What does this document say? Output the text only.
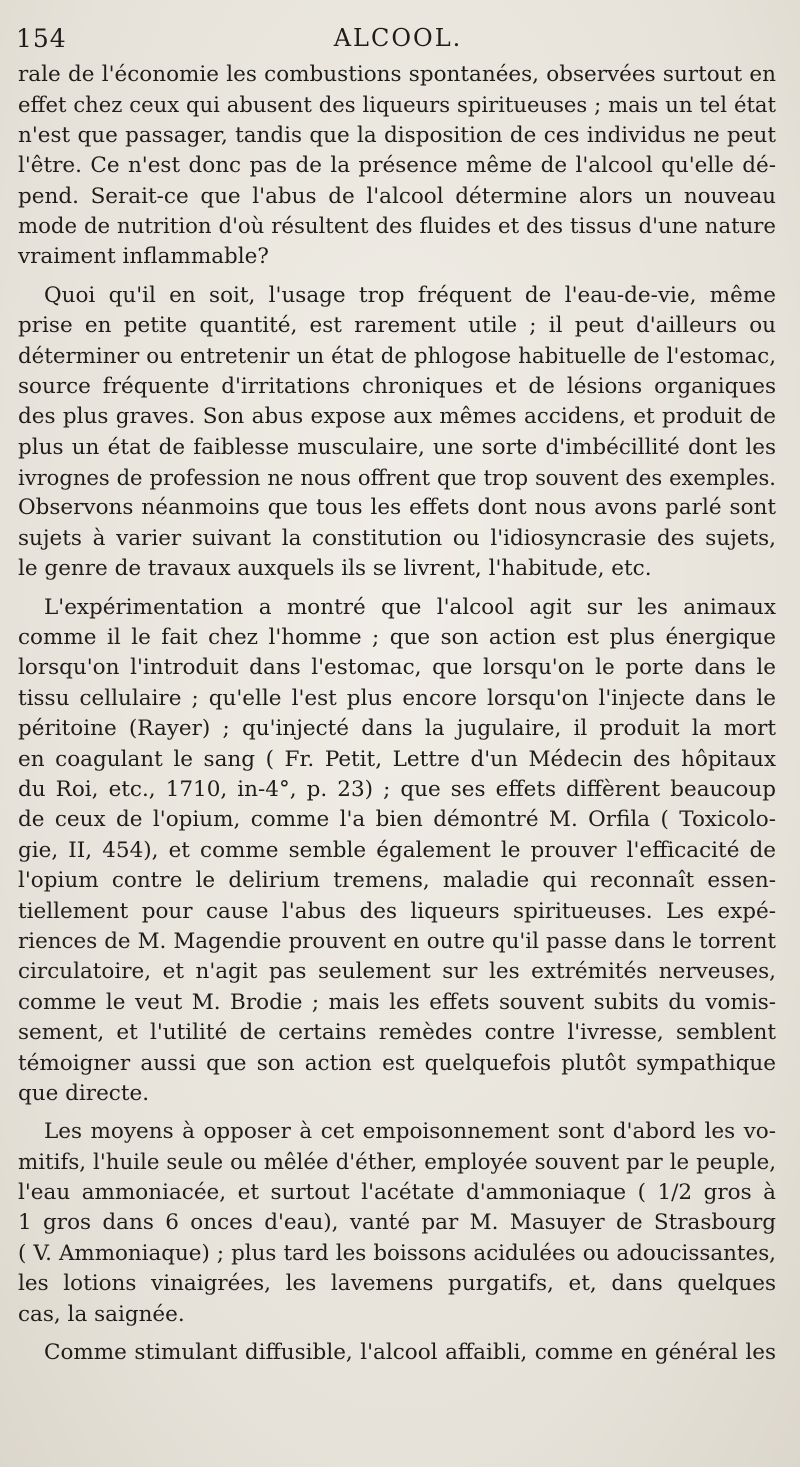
154	ALCOOL.
rale de l'économie les combustions spontanées, observées surtout en
effet chez ceux qui abusent des liqueurs spiritueuses ; mais un tel état
n'est que passager, tandis que la disposition de ces individus ne peut
l'être. Ce n'est donc pas de la présence même de l'alcool qu'elle dé-
pend. Serait-ce que l'abus de l'alcool détermine alors un nouveau
mode de nutrition d'où résultent des fluides et des tissus d'une nature
vraiment inflammable?
Quoi qu'il en soit, l'usage trop fréquent de l'eau-de-vie, même
prise en petite quantité, est rarement utile ; il peut d'ailleurs ou
déterminer ou entretenir un état de phlogose habituelle de l'estomac,
source fréquente d'irritations chroniques et de lésions organiques
des plus graves. Son abus expose aux mêmes accidens, et produit de
plus un état de faiblesse musculaire, une sorte d'imbécillité dont les
ivrognes de profession ne nous offrent que trop souvent des exemples.
Observons néanmoins que tous les effets dont nous avons parlé sont
sujets à varier suivant la constitution ou l'idiosyncrasie des sujets,
le genre de travaux auxquels ils se livrent, l'habitude, etc.
L'expérimentation a montré que l'alcool agit sur les animaux
comme il le fait chez l'homme ; que son action est plus énergique
lorsqu'on l'introduit dans l'estomac, que lorsqu'on le porte dans le
tissu cellulaire ; qu'elle l'est plus encore lorsqu'on l'injecte dans le
péritoine (Rayer) ; qu'injecté dans la jugulaire, il produit la mort
en coagulant le sang ( Fr. Petit, Lettre d'un Médecin des hôpitaux
du Roi, etc., 1710, in-4°, p. 23) ; que ses effets diffèrent beaucoup
de ceux de l'opium, comme l'a bien démontré M. Orfila ( Toxicolo-
gie, II, 454), et comme semble également le prouver l'efficacité de
l'opium contre le delirium tremens, maladie qui reconnaît essen-
tiellement pour cause l'abus des liqueurs spiritueuses. Les expé-
riences de M. Magendie prouvent en outre qu'il passe dans le torrent
circulatoire, et n'agit pas seulement sur les extrémités nerveuses,
comme le veut M. Brodie ; mais les effets souvent subits du vomis-
sement, et l'utilité de certains remèdes contre l'ivresse, semblent
témoigner aussi que son action est quelquefois plutôt sympathique
que directe.
Les moyens à opposer à cet empoisonnement sont d'abord les vo-
mitifs, l'huile seule ou mêlée d'éther, employée souvent par le peuple,
l'eau ammoniacée, et surtout l'acétate d'ammoniaque ( 1/2 gros à
1 gros dans 6 onces d'eau), vanté par M. Masuyer de Strasbourg
( V. Ammoniaque) ; plus tard les boissons acidulées ou adoucissantes,
les lotions vinaigrées, les lavemens purgatifs, et, dans quelques
cas, la saignée.
Comme stimulant diffusible, l'alcool affaibli, comme en général les
